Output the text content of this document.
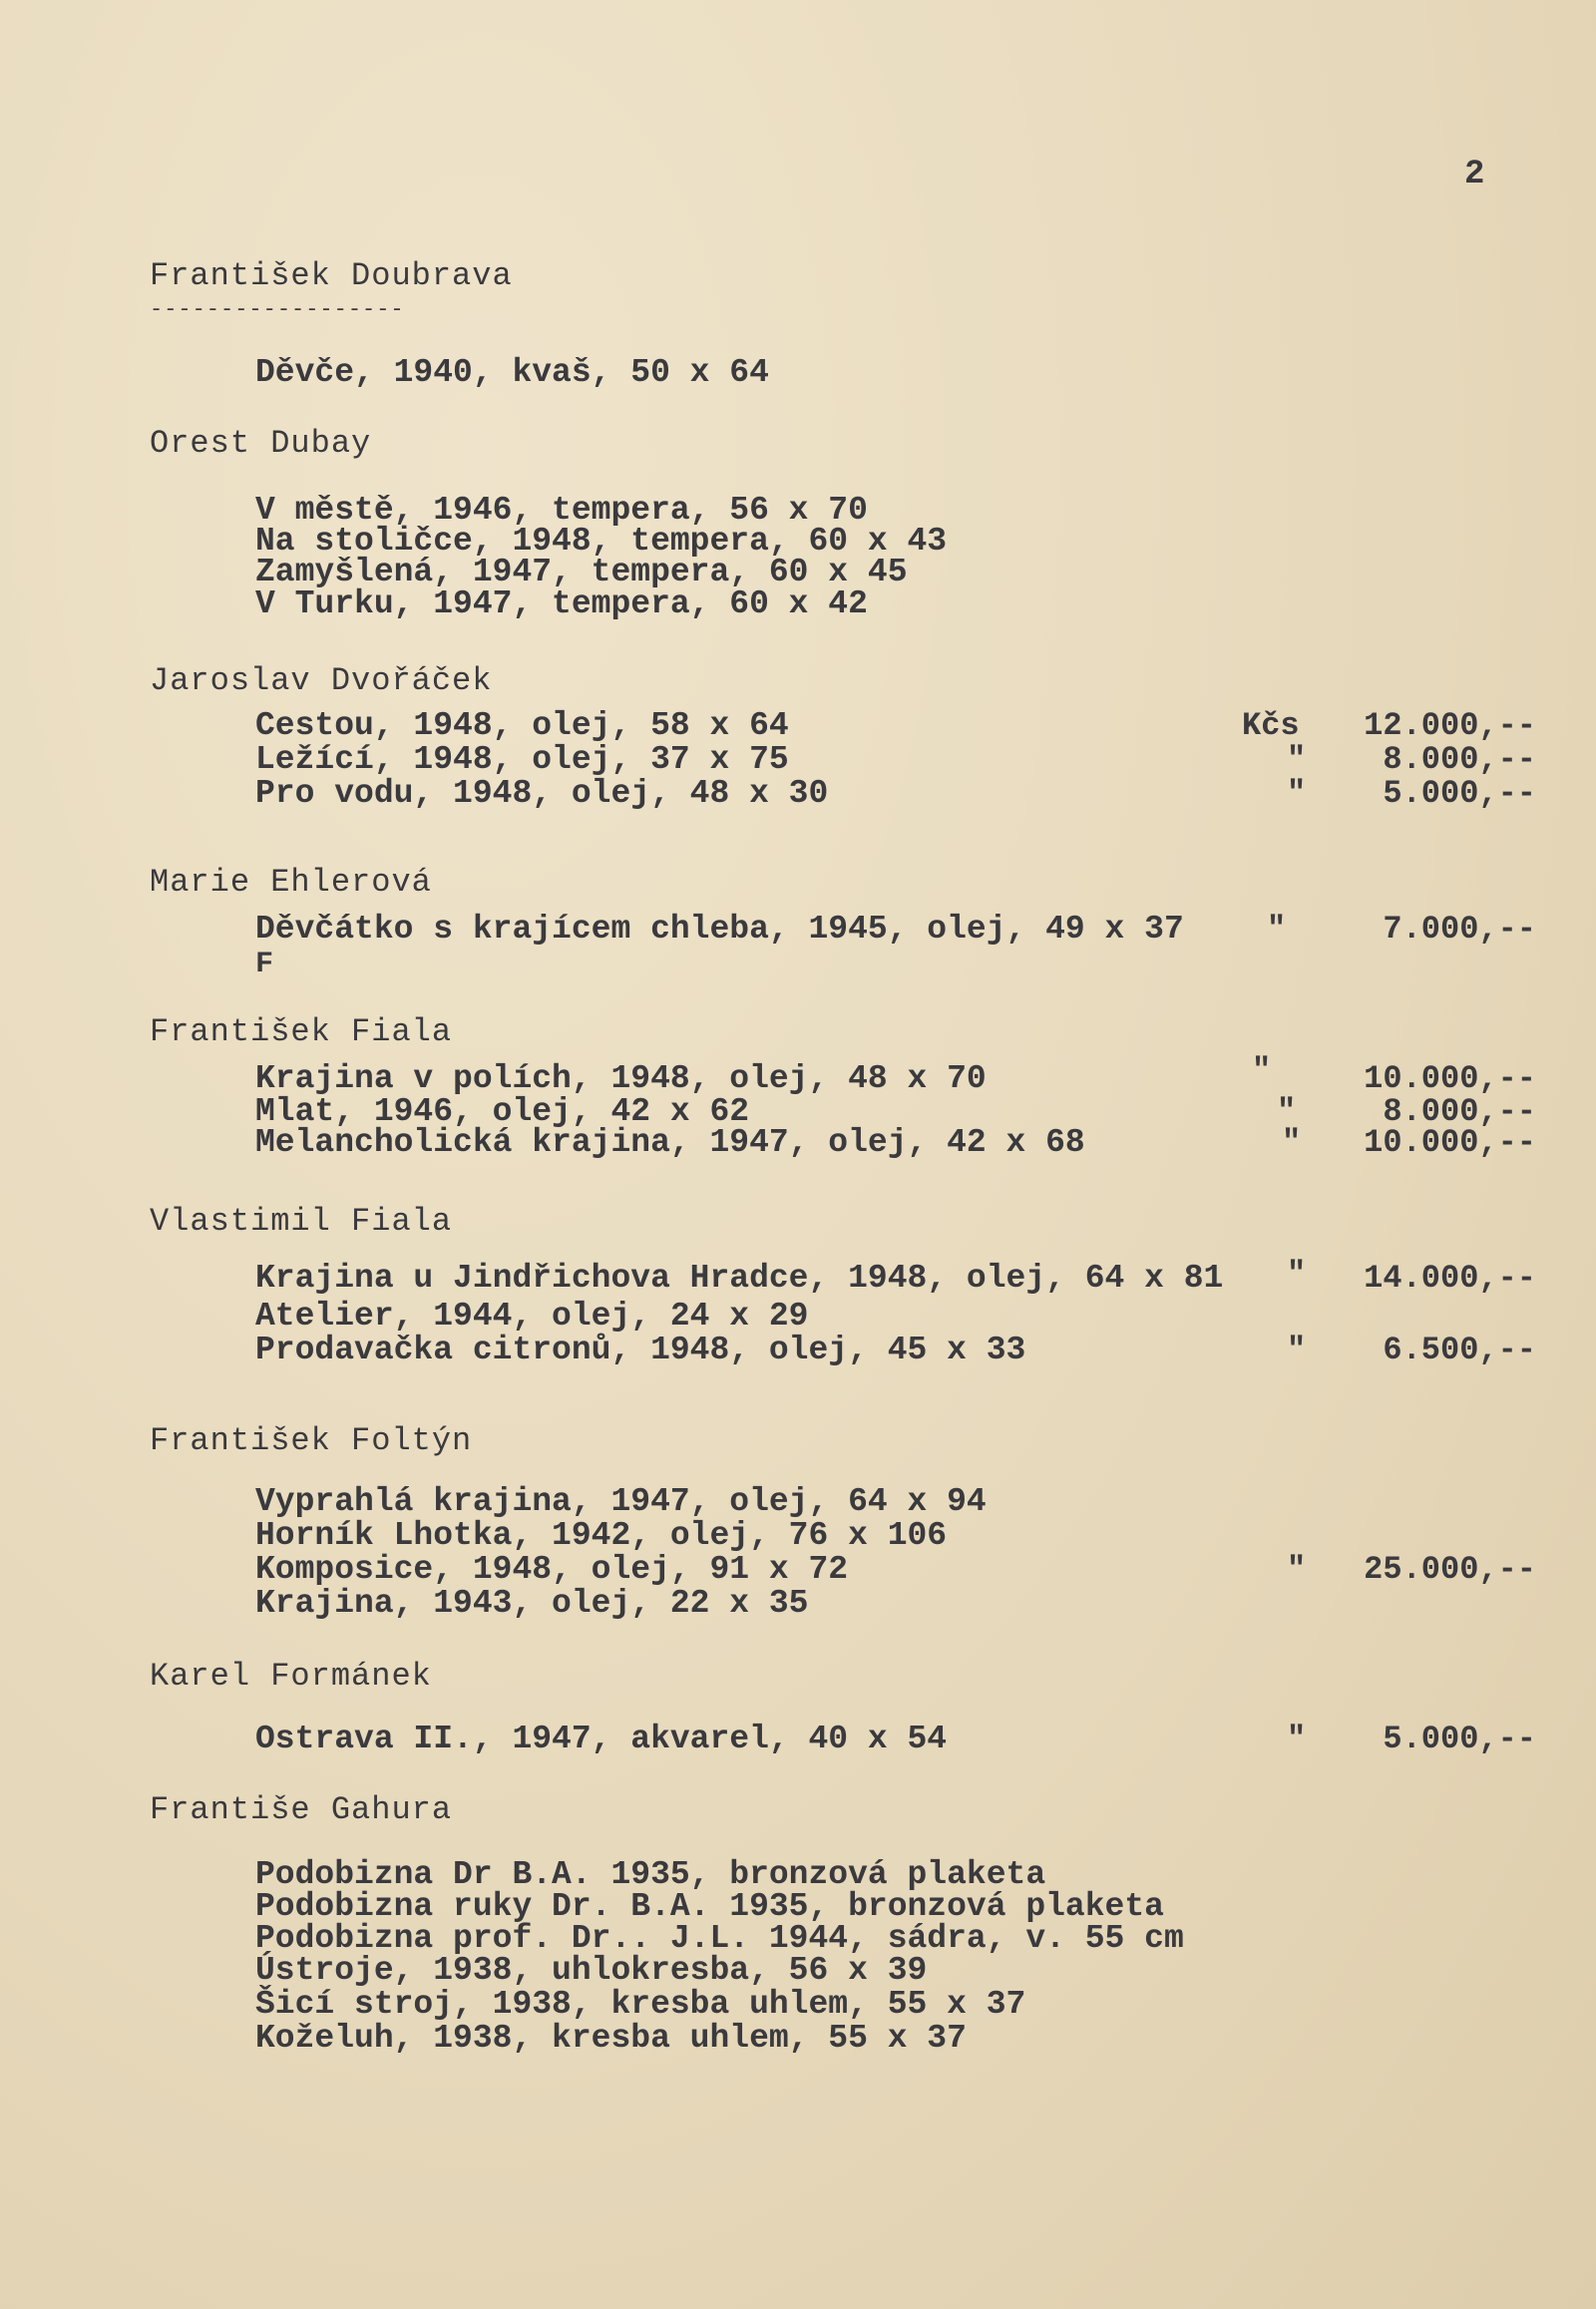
2
František Doubrava
------------------
Děvče, 1940, kvaš, 50 x 64
Orest Dubay
V městě, 1946, tempera, 56 x 70
Na stoličce, 1948, tempera, 60 x 43
Zamyšlená, 1947, tempera, 60 x 45
V Turku, 1947, tempera, 60 x 42
Jaroslav Dvořáček
Cestou, 1948, olej, 58 x 64	Kčs	12.000,--
Ležící, 1948, olej, 37 x 75	"	8.000,--
Pro vodu, 1948, olej, 48 x 30	"	5.000,--
Marie Ehlerová
Děvčátko s krajícem chleba, 1945, olej, 49 x 37	"	7.000,--
F
František Fiala
Krajina v polích, 1948, olej, 48 x 70	"	10.000,--
Mlat, 1946, olej, 42 x 62	"	8.000,--
Melancholická krajina, 1947, olej, 42 x 68	"	10.000,--
Vlastimil Fiala
Krajina u Jindřichova Hradce, 1948, olej, 64 x 81 "	14.000,--
Atelier, 1944, olej, 24 x 29
Prodavačka citronů, 1948, olej, 45 x 33	"	6.500,--
František Foltýn
Vyprahlá krajina, 1947, olej, 64 x 94
Horník Lhotka, 1942, olej, 76 x 106
Komposice, 1948, olej, 91 x 72	"	25.000,--
Krajina, 1943, olej, 22 x 35
Karel Formánek
Ostrava II., 1947, akvarel, 40 x 54	"	5.000,--
Františe Gahura
Podobizna Dr B.A. 1935, bronzová plaketa
Podobizna ruky Dr. B.A. 1935, bronzová plaketa
Podobizna prof. Dr.. J.L. 1944, sádra, v. 55 cm
Ústroje, 1938, uhlokresba, 56 x 39
Šicí stroj, 1938, kresba uhlem, 55 x 37
Koželuh, 1938, kresba uhlem, 55 x 37
